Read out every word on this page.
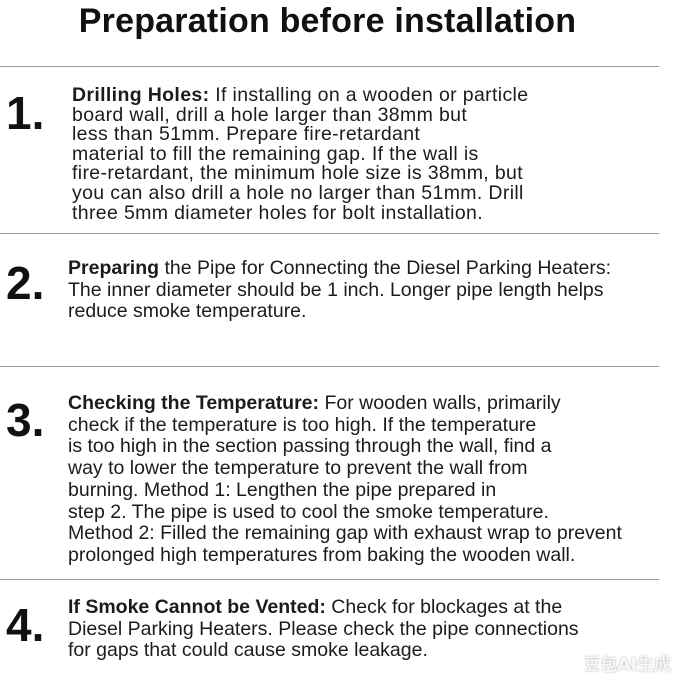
Preparation before installation
1. Drilling Holes: If installing on a wooden or particle
board wall, drill a hole larger than 38mm but
less than 51mm. Prepare fire-retardant
material to fill the remaining gap. If the wall is
fire-retardant, the minimum hole size is 38mm, but
you can also drill a hole no larger than 51mm. Drill
three 5mm diameter holes for bolt installation.
2. Preparing the Pipe for Connecting the Diesel Parking Heaters:
The inner diameter should be 1 inch. Longer pipe length helps
reduce smoke temperature.
3. Checking the Temperature: For wooden walls, primarily
check if the temperature is too high. If the temperature
is too high in the section passing through the wall, find a
way to lower the temperature to prevent the wall from
burning. Method 1: Lengthen the pipe prepared in
step 2. The pipe is used to cool the smoke temperature.
Method 2: Filled the remaining gap with exhaust wrap to prevent
prolonged high temperatures from baking the wooden wall.
4. If Smoke Cannot be Vented: Check for blockages at the
Diesel Parking Heaters. Please check the pipe connections
for gaps that could cause smoke leakage.
豆包AI生成
